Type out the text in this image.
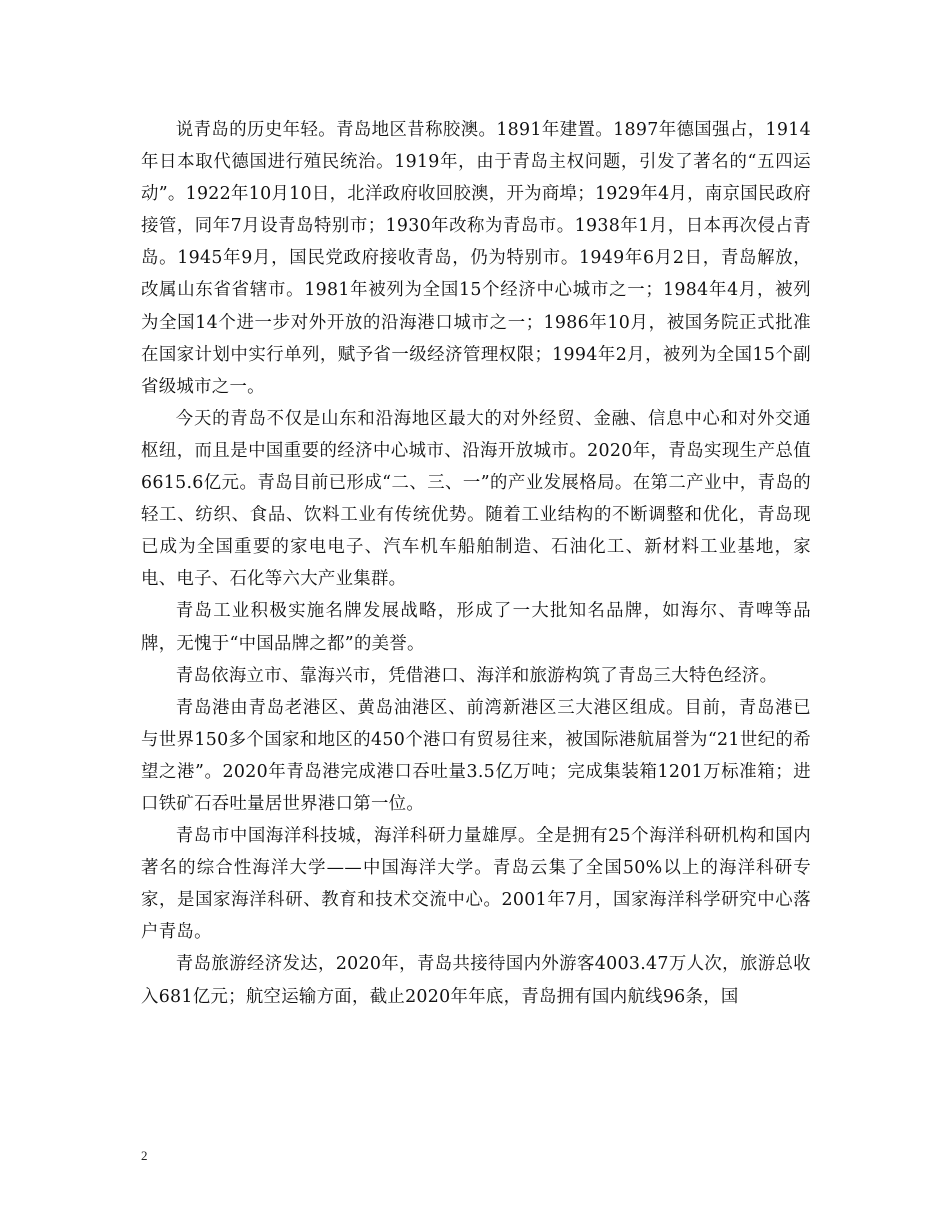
说青岛的历史年轻。青岛地区昔称胶澳。1891年建置。1897年德国强占，1914年日本取代德国进行殖民统治。1919年，由于青岛主权问题，引发了著名的“五四运动”。1922年10月10日，北洋政府收回胶澳，开为商埠；1929年4月，南京国民政府接管，同年7月设青岛特别市；1930年改称为青岛市。1938年1月，日本再次侵占青岛。1945年9月，国民党政府接收青岛，仍为特别市。1949年6月2日，青岛解放，改属山东省省辖市。1981年被列为全国15个经济中心城市之一；1984年4月，被列为全国14个进一步对外开放的沿海港口城市之一；1986年10月，被国务院正式批准在国家计划中实行单列，赋予省一级经济管理权限；1994年2月，被列为全国15个副省级城市之一。

今天的青岛不仅是山东和沿海地区最大的对外经贸、金融、信息中心和对外交通枢纽，而且是中国重要的经济中心城市、沿海开放城市。2020年，青岛实现生产总值6615.6亿元。青岛目前已形成“二、三、一”的产业发展格局。在第二产业中，青岛的轻工、纺织、食品、饮料工业有传统优势。随着工业结构的不断调整和优化，青岛现已成为全国重要的家电电子、汽车机车船舶制造、石油化工、新材料工业基地，家电、电子、石化等六大产业集群。

青岛工业积极实施名牌发展战略，形成了一大批知名品牌，如海尔、青啤等品牌，无愧于“中国品牌之都”的美誉。

青岛依海立市、靠海兴市，凭借港口、海洋和旅游构筑了青岛三大特色经济。

青岛港由青岛老港区、黄岛油港区、前湾新港区三大港区组成。目前，青岛港已与世界150多个国家和地区的450个港口有贸易往来，被国际港航届誉为“21世纪的希望之港”。2020年青岛港完成港口吞吐量3.5亿万吨；完成集装箱1201万标准箱；进口铁矿石吞吐量居世界港口第一位。

青岛市中国海洋科技城，海洋科研力量雄厚。全是拥有25个海洋科研机构和国内著名的综合性海洋大学——中国海洋大学。青岛云集了全国50%以上的海洋科研专家，是国家海洋科研、教育和技术交流中心。2001年7月，国家海洋科学研究中心落户青岛。

青岛旅游经济发达，2020年，青岛共接待国内外游客4003.47万人次，旅游总收入681亿元；航空运输方面，截止2020年年底，青岛拥有国内航线96条，国

2
